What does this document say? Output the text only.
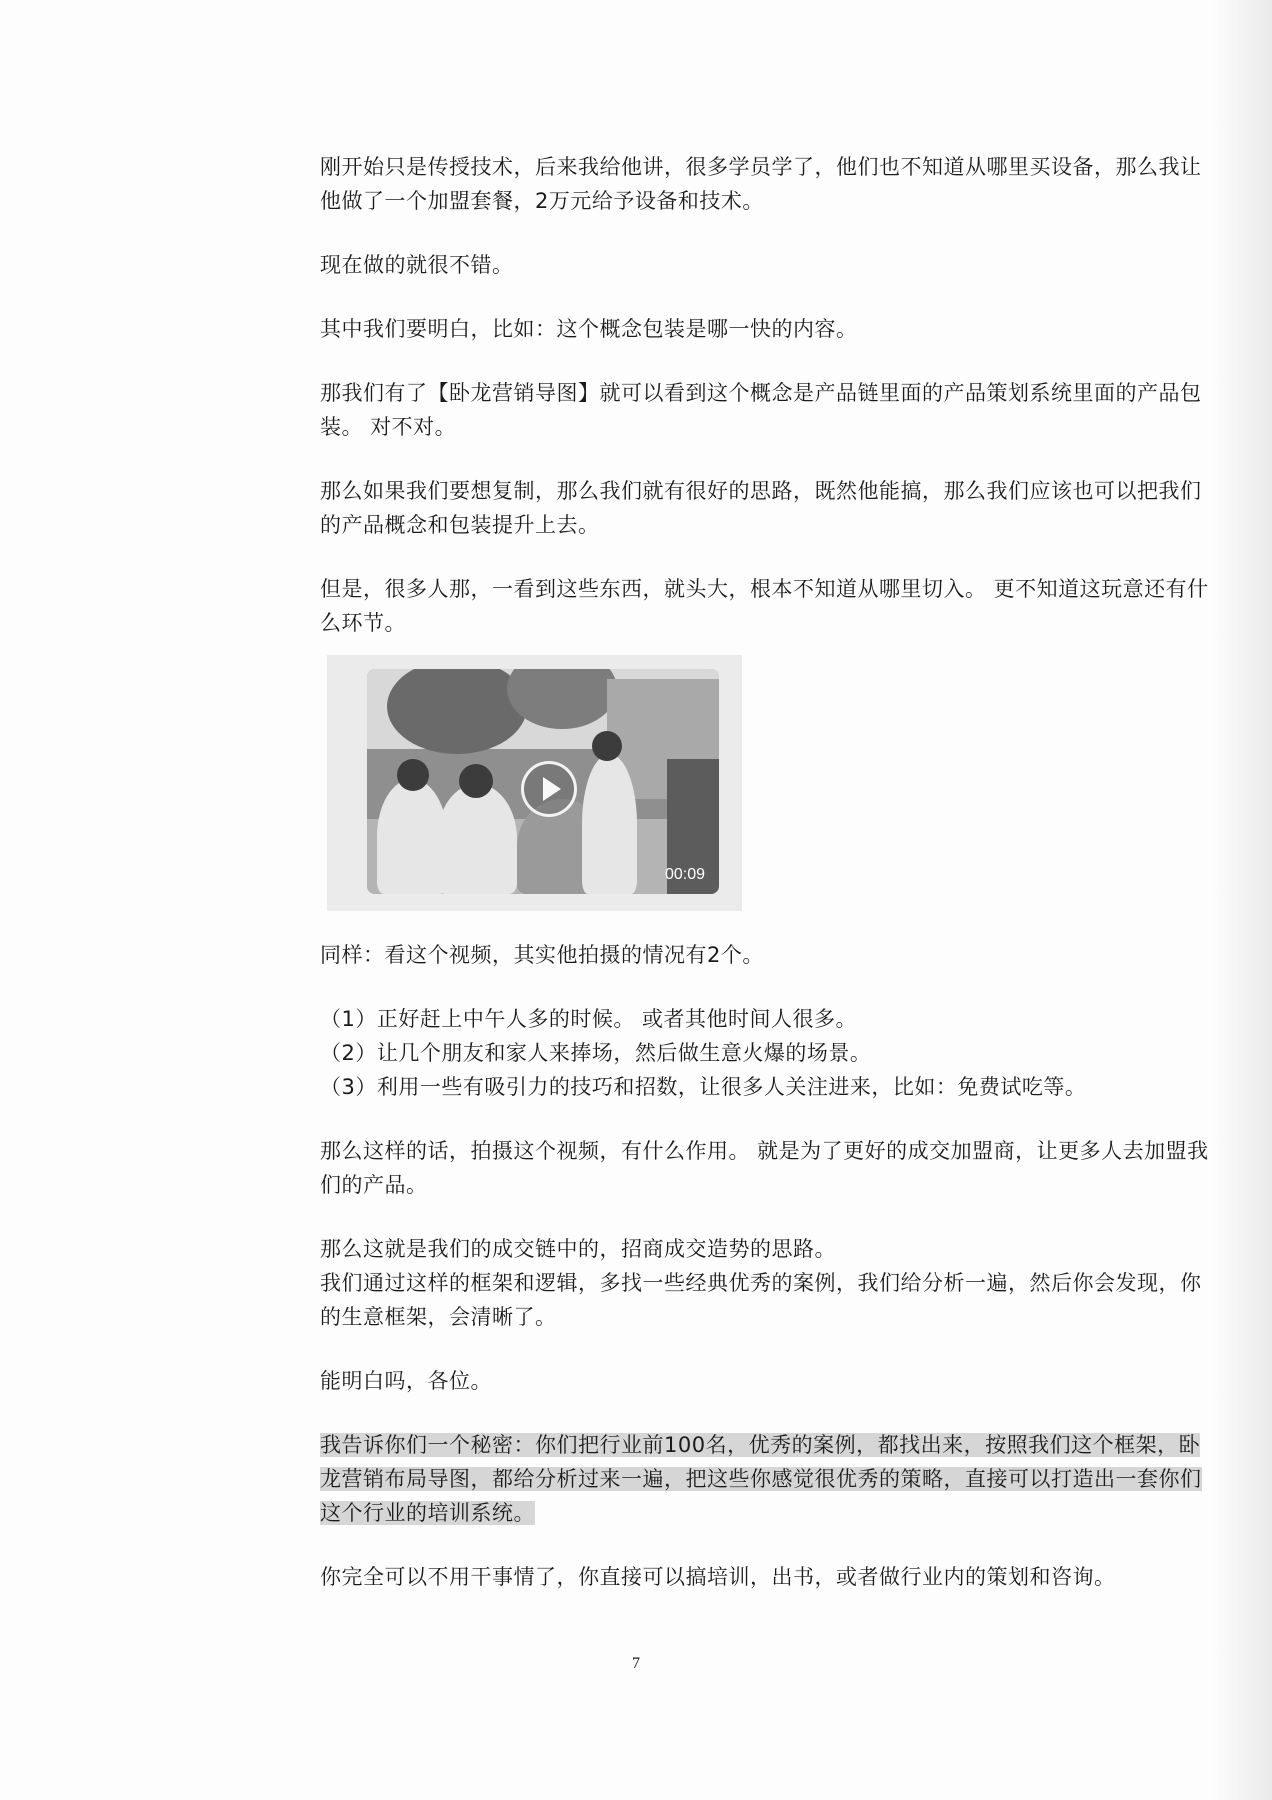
刚开始只是传授技术，后来我给他讲，很多学员学了，他们也不知道从哪里买设备，那么我让他做了一个加盟套餐，2万元给予设备和技术。

现在做的就很不错。

其中我们要明白，比如：这个概念包装是哪一快的内容。

那我们有了【卧龙营销导图】就可以看到这个概念是产品链里面的产品策划系统里面的产品包装。 对不对。

那么如果我们要想复制，那么我们就有很好的思路，既然他能搞，那么我们应该也可以把我们的产品概念和包装提升上去。

但是，很多人那，一看到这些东西，就头大，根本不知道从哪里切入。 更不知道这玩意还有什么环节。

00:09

同样：看这个视频，其实他拍摄的情况有2个。

（1）正好赶上中午人多的时候。 或者其他时间人很多。

（2）让几个朋友和家人来捧场，然后做生意火爆的场景。

（3）利用一些有吸引力的技巧和招数，让很多人关注进来，比如：免费试吃等。

那么这样的话，拍摄这个视频，有什么作用。 就是为了更好的成交加盟商，让更多人去加盟我们的产品。

那么这就是我们的成交链中的，招商成交造势的思路。

我们通过这样的框架和逻辑，多找一些经典优秀的案例，我们给分析一遍，然后你会发现，你的生意框架，会清晰了。

能明白吗，各位。

我告诉你们一个秘密：你们把行业前100名，优秀的案例，都找出来，按照我们这个框架，卧龙营销布局导图，都给分析过来一遍，把这些你感觉很优秀的策略，直接可以打造出一套你们这个行业的培训系统。

你完全可以不用干事情了，你直接可以搞培训，出书，或者做行业内的策划和咨询。

7
